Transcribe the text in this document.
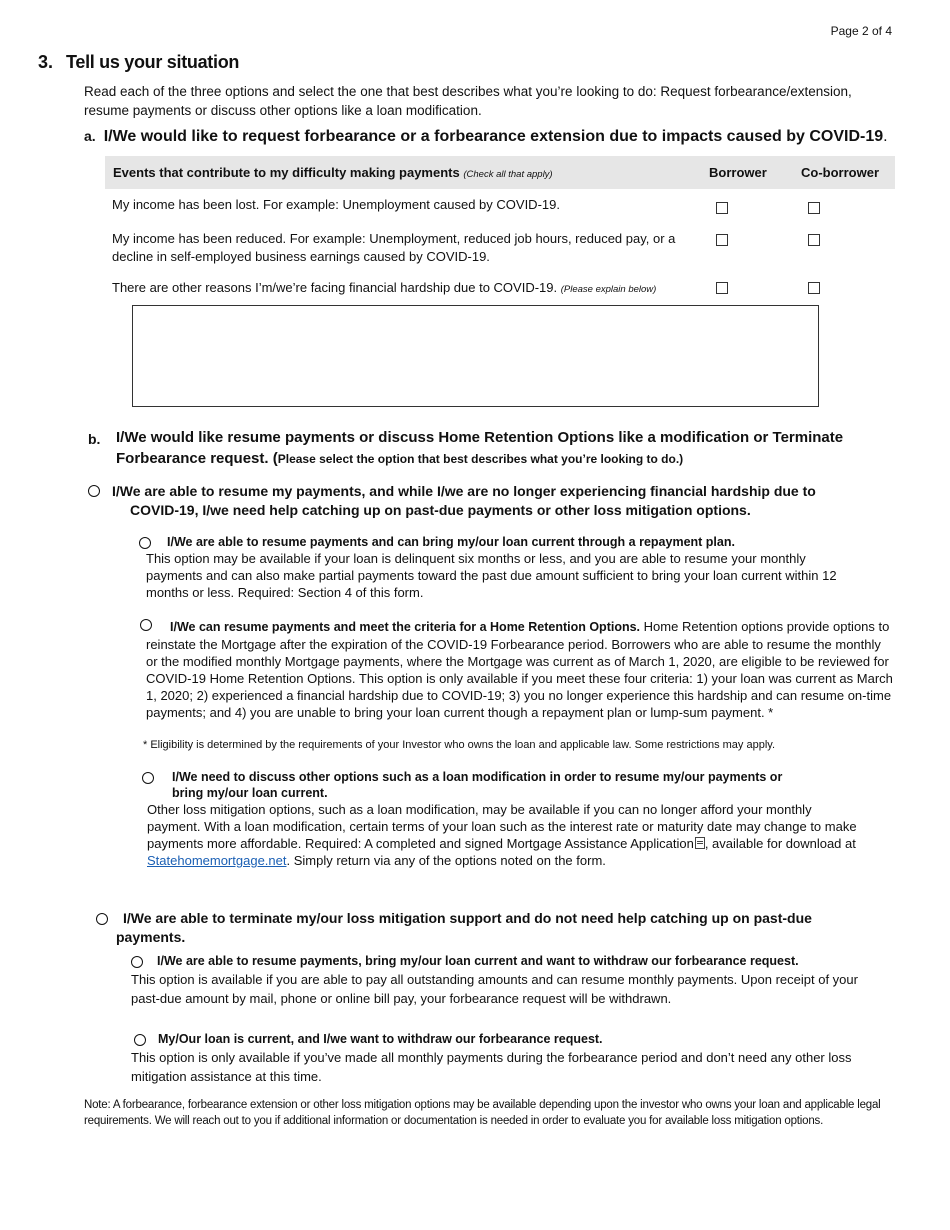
Page 2 of 4
3. Tell us your situation
Read each of the three options and select the one that best describes what you’re looking to do: Request forbearance/extension, resume payments or discuss other options like a loan modification.
a. I/We would like to request forbearance or a forbearance extension due to impacts caused by COVID-19.
Events that contribute to my difficulty making payments (Check all that apply)	Borrower	Co-borrower
My income has been lost. For example: Unemployment caused by COVID-19.
My income has been reduced. For example: Unemployment, reduced job hours, reduced pay, or a decline in self-employed business earnings caused by COVID-19.
There are other reasons I’m/we’re facing financial hardship due to COVID-19. (Please explain below)
b. I/We would like resume payments or discuss Home Retention Options like a modification or Terminate Forbearance request. (Please select the option that best describes what you’re looking to do.)
I/We are able to resume my payments, and while I/we are no longer experiencing financial hardship due to COVID-19, I/we need help catching up on past-due payments or other loss mitigation options.
I/We are able to resume payments and can bring my/our loan current through a repayment plan.
This option may be available if your loan is delinquent six months or less, and you are able to resume your monthly payments and can also make partial payments toward the past due amount sufficient to bring your loan current within 12 months or less. Required: Section 4 of this form.
I/We can resume payments and meet the criteria for a Home Retention Options. Home Retention options provide options to reinstate the Mortgage after the expiration of the COVID-19 Forbearance period. Borrowers who are able to resume the monthly or the modified monthly Mortgage payments, where the Mortgage was current as of March 1, 2020, are eligible to be reviewed for COVID-19 Home Retention Options. This option is only available if you meet these four criteria: 1) your loan was current as March 1, 2020; 2) experienced a financial hardship due to COVID-19; 3) you no longer experience this hardship and can resume on-time payments; and 4) you are unable to bring your loan current though a repayment plan or lump-sum payment. *
* Eligibility is determined by the requirements of your Investor who owns the loan and applicable law. Some restrictions may apply.
I/We need to discuss other options such as a loan modification in order to resume my/our payments or bring my/our loan current.
Other loss mitigation options, such as a loan modification, may be available if you can no longer afford your monthly payment. With a loan modification, certain terms of your loan such as the interest rate or maturity date may change to make payments more affordable. Required: A completed and signed Mortgage Assistance Application , available for download at Statehomemortgage.net. Simply return via any of the options noted on the form.
I/We are able to terminate my/our loss mitigation support and do not need help catching up on past-due payments.
I/We are able to resume payments, bring my/our loan current and want to withdraw our forbearance request.
This option is available if you are able to pay all outstanding amounts and can resume monthly payments. Upon receipt of your past-due amount by mail, phone or online bill pay, your forbearance request will be withdrawn.
My/Our loan is current, and I/we want to withdraw our forbearance request.
This option is only available if you’ve made all monthly payments during the forbearance period and don’t need any other loss mitigation assistance at this time.
Note: A forbearance, forbearance extension or other loss mitigation options may be available depending upon the investor who owns your loan and applicable legal requirements. We will reach out to you if additional information or documentation is needed in order to evaluate you for available loss mitigation options.
